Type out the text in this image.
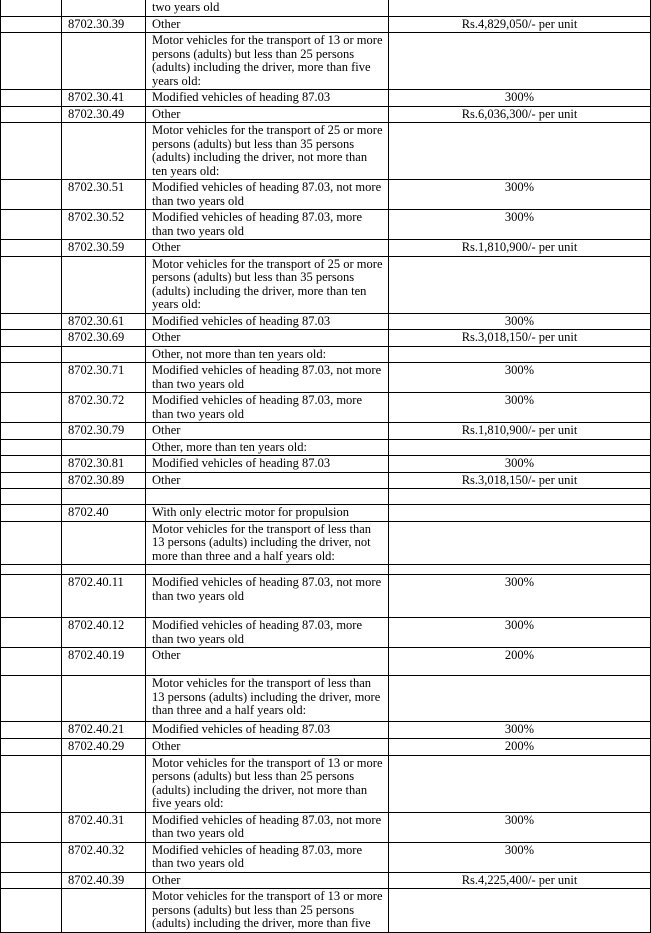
		two years old	
	8702.30.39	Other	Rs.4,829,050/- per unit
		Motor vehicles for the transport of 13 or more persons (adults) but less than 25 persons (adults) including the driver, more than five years old:	
	8702.30.41	Modified vehicles of heading 87.03	300%
	8702.30.49	Other	Rs.6,036,300/- per unit
		Motor vehicles for the transport of 25 or more persons (adults) but less than 35 persons (adults) including the driver, not more than ten years old:	
	8702.30.51	Modified vehicles of heading 87.03, not more than two years old	300%
	8702.30.52	Modified vehicles of heading 87.03, more than two years old	300%
	8702.30.59	Other	Rs.1,810,900/- per unit
		Motor vehicles for the transport of 25 or more persons (adults) but less than 35 persons (adults) including the driver, more than ten years old:	
	8702.30.61	Modified vehicles of heading 87.03	300%
	8702.30.69	Other	Rs.3,018,150/- per unit
		Other, not more than ten years old:	
	8702.30.71	Modified vehicles of heading 87.03, not more than two years old	300%
	8702.30.72	Modified vehicles of heading 87.03, more than two years old	300%
	8702.30.79	Other	Rs.1,810,900/- per unit
		Other, more than ten years old:	
	8702.30.81	Modified vehicles of heading 87.03	300%
	8702.30.89	Other	Rs.3,018,150/- per unit

	8702.40	With only electric motor for propulsion	
		Motor vehicles for the transport of less than 13 persons (adults) including the driver, not more than three and a half years old:	

	8702.40.11	Modified vehicles of heading 87.03, not more than two years old	300%
	8702.40.12	Modified vehicles of heading 87.03, more than two years old	300%
	8702.40.19	Other	200%
		Motor vehicles for the transport of less than 13 persons (adults) including the driver, more than three and a half years old:	
	8702.40.21	Modified vehicles of heading 87.03	300%
	8702.40.29	Other	200%
		Motor vehicles for the transport of 13 or more persons (adults) but less than 25 persons (adults) including the driver, not more than five years old:	
	8702.40.31	Modified vehicles of heading 87.03, not more than two years old	300%
	8702.40.32	Modified vehicles of heading 87.03, more than two years old	300%
	8702.40.39	Other	Rs.4,225,400/- per unit
		Motor vehicles for the transport of 13 or more persons (adults) but less than 25 persons (adults) including the driver, more than five	
